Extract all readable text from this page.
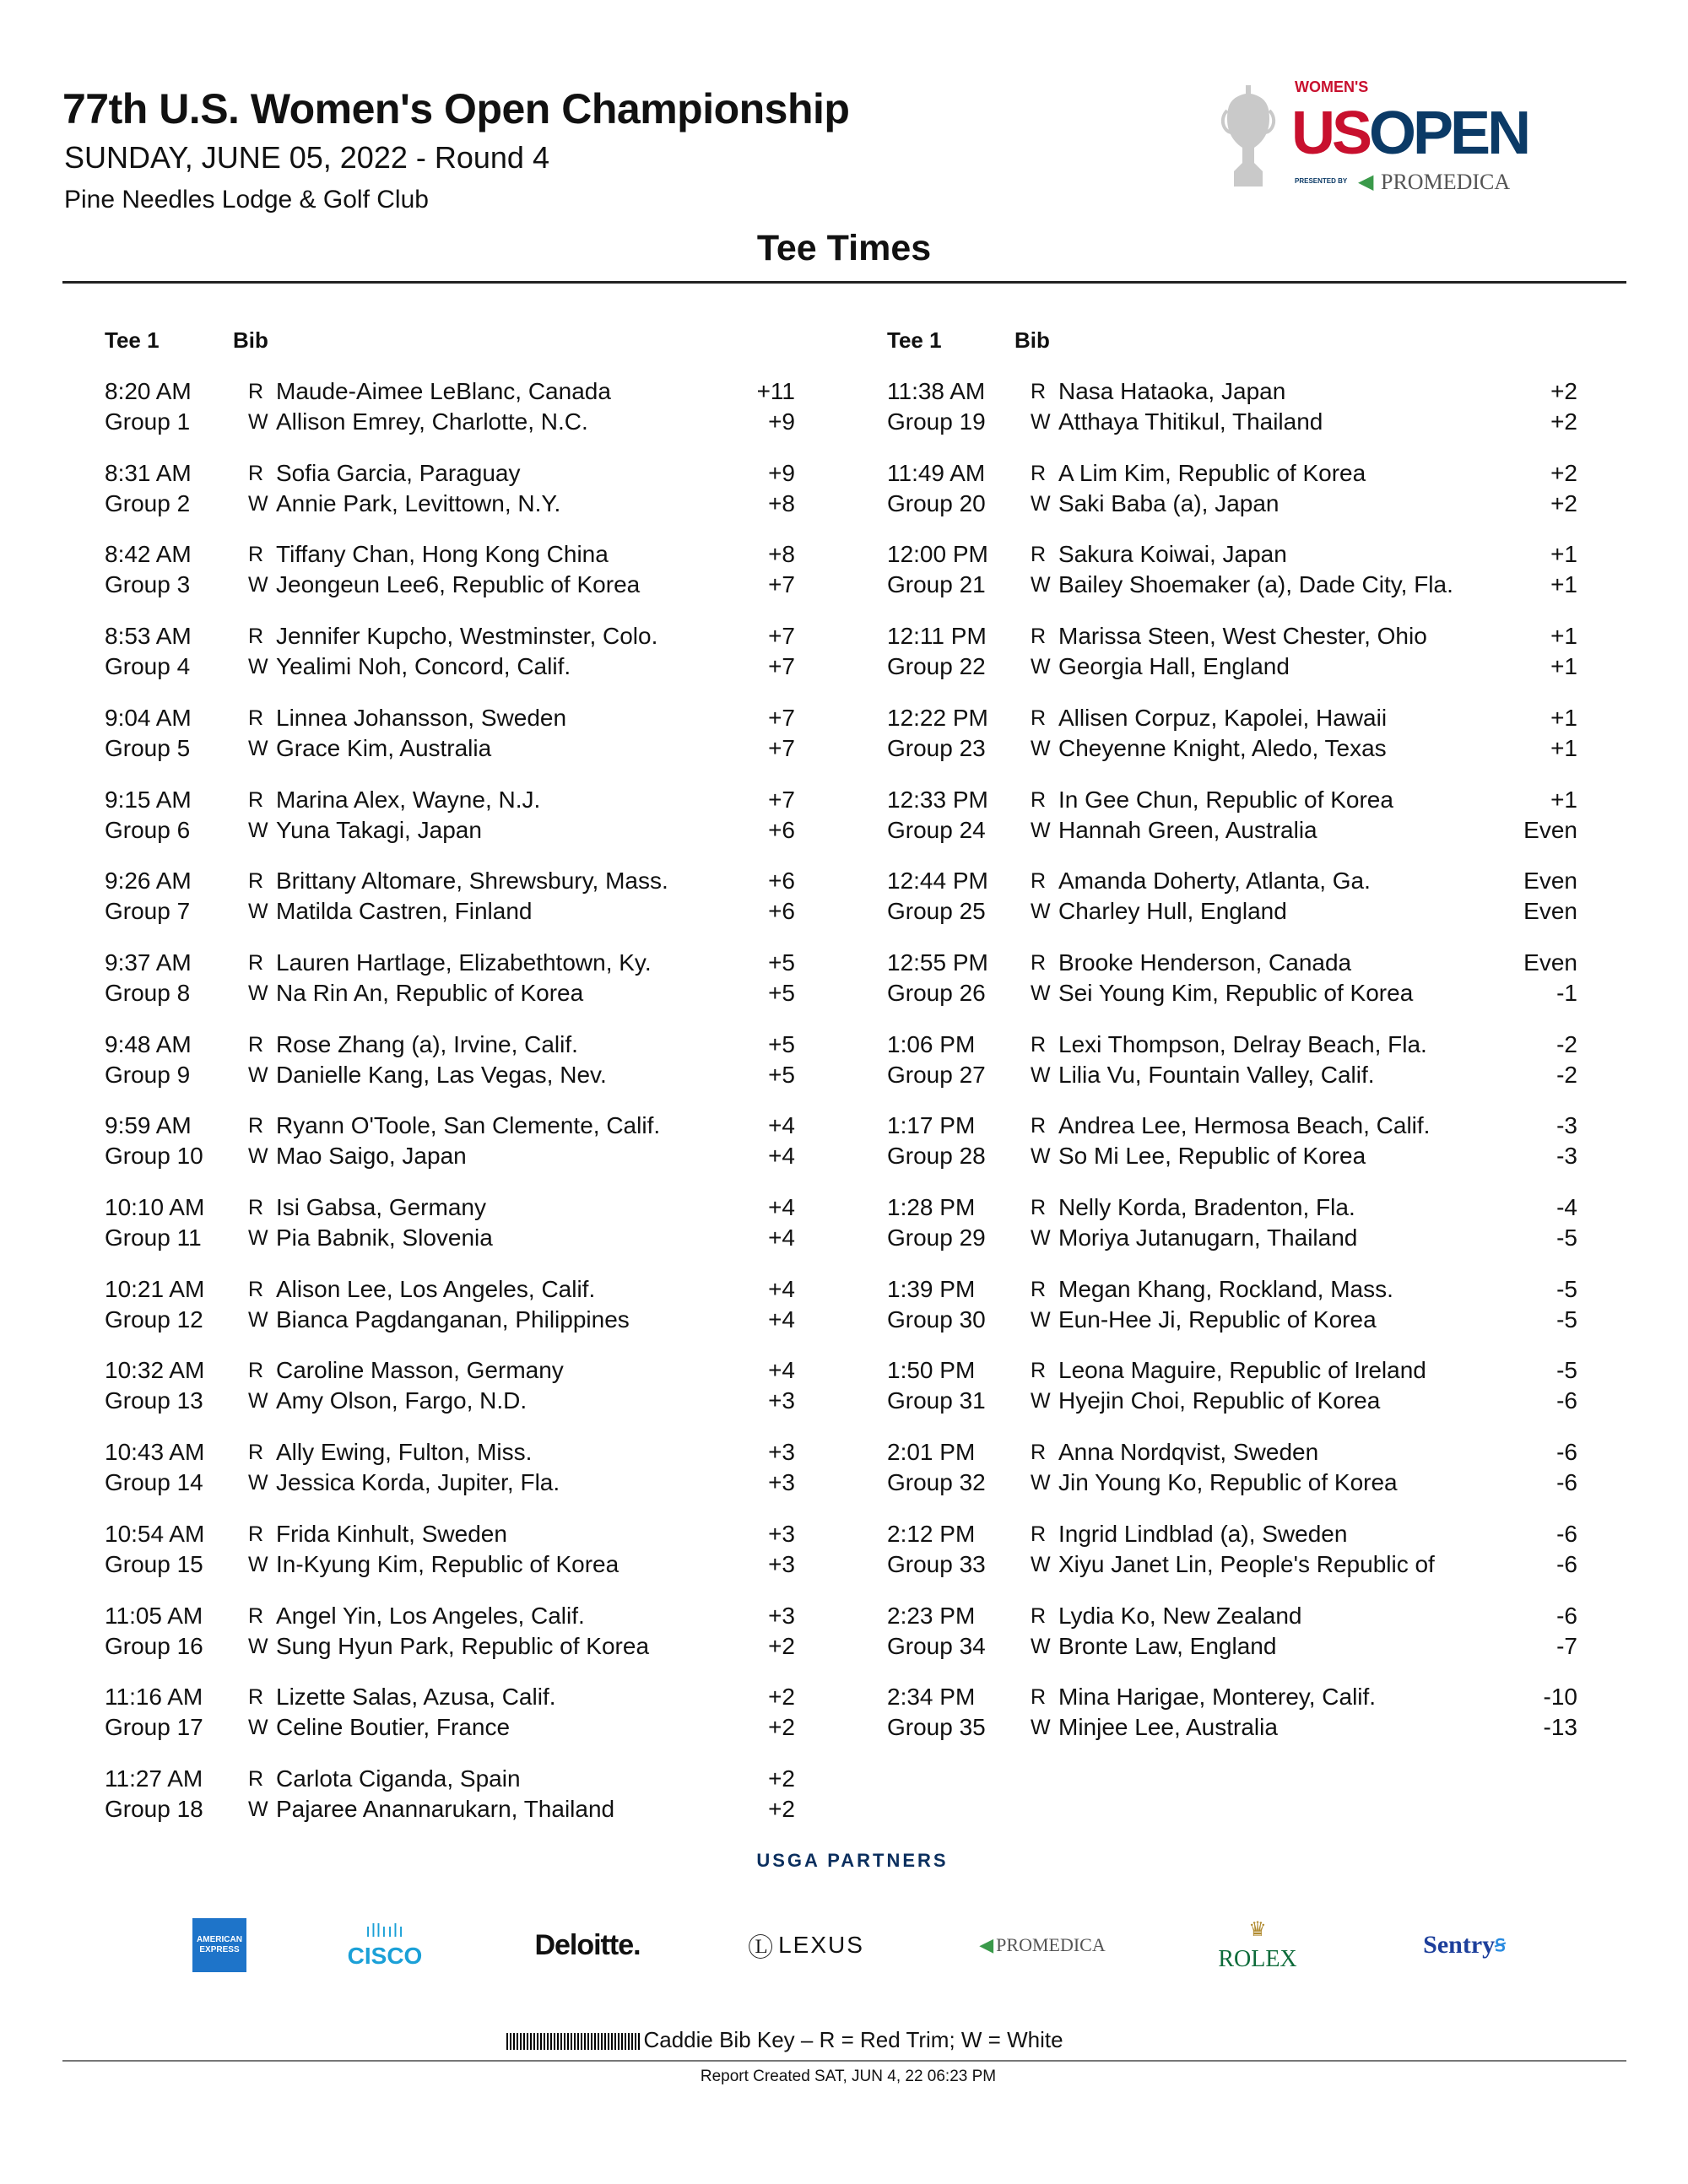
77th U.S. Women's Open Championship
SUNDAY, JUNE 05, 2022 - Round 4
Pine Needles Lodge & Golf Club
WOMEN'S
USOPEN
PRESENTED BY ◀ PROMEDICA
Tee Times
Tee 1	Bib	Tee 1	Bib
8:20 AM	R Maude-Aimee LeBlanc, Canada	+11
Group 1	W Allison Emrey, Charlotte, N.C.	+9
8:31 AM	R Sofia Garcia, Paraguay	+9
Group 2	W Annie Park, Levittown, N.Y.	+8
8:42 AM	R Tiffany Chan, Hong Kong China	+8
Group 3	W Jeongeun Lee6, Republic of Korea	+7
8:53 AM	R Jennifer Kupcho, Westminster, Colo.	+7
Group 4	W Yealimi Noh, Concord, Calif.	+7
9:04 AM	R Linnea Johansson, Sweden	+7
Group 5	W Grace Kim, Australia	+7
9:15 AM	R Marina Alex, Wayne, N.J.	+7
Group 6	W Yuna Takagi, Japan	+6
9:26 AM	R Brittany Altomare, Shrewsbury, Mass.	+6
Group 7	W Matilda Castren, Finland	+6
9:37 AM	R Lauren Hartlage, Elizabethtown, Ky.	+5
Group 8	W Na Rin An, Republic of Korea	+5
9:48 AM	R Rose Zhang (a), Irvine, Calif.	+5
Group 9	W Danielle Kang, Las Vegas, Nev.	+5
9:59 AM	R Ryann O'Toole, San Clemente, Calif.	+4
Group 10 W Mao Saigo, Japan	+4
10:10 AM R Isi Gabsa, Germany	+4
Group 11 W Pia Babnik, Slovenia	+4
10:21 AM R Alison Lee, Los Angeles, Calif.	+4
Group 12 W Bianca Pagdanganan, Philippines	+4
10:32 AM R Caroline Masson, Germany	+4
Group 13 W Amy Olson, Fargo, N.D.	+3
10:43 AM R Ally Ewing, Fulton, Miss.	+3
Group 14 W Jessica Korda, Jupiter, Fla.	+3
10:54 AM R Frida Kinhult, Sweden	+3
Group 15 W In-Kyung Kim, Republic of Korea	+3
11:05 AM R Angel Yin, Los Angeles, Calif.	+3
Group 16 W Sung Hyun Park, Republic of Korea	+2
11:16 AM R Lizette Salas, Azusa, Calif.	+2
Group 17 W Celine Boutier, France	+2
11:27 AM R Carlota Ciganda, Spain	+2
Group 18 W Pajaree Anannarukarn, Thailand	+2
11:38 AM R Nasa Hataoka, Japan	+2
Group 19 W Atthaya Thitikul, Thailand	+2
11:49 AM R A Lim Kim, Republic of Korea	+2
Group 20 W Saki Baba (a), Japan	+2
12:00 PM R Sakura Koiwai, Japan	+1
Group 21 W Bailey Shoemaker (a), Dade City, Fla.	+1
12:11 PM R Marissa Steen, West Chester, Ohio	+1
Group 22 W Georgia Hall, England	+1
12:22 PM R Allisen Corpuz, Kapolei, Hawaii	+1
Group 23 W Cheyenne Knight, Aledo, Texas	+1
12:33 PM R In Gee Chun, Republic of Korea	+1
Group 24 W Hannah Green, Australia	Even
12:44 PM R Amanda Doherty, Atlanta, Ga.	Even
Group 25 W Charley Hull, England	Even
12:55 PM R Brooke Henderson, Canada	Even
Group 26 W Sei Young Kim, Republic of Korea	-1
1:06 PM	R Lexi Thompson, Delray Beach, Fla.	-2
Group 27 W Lilia Vu, Fountain Valley, Calif.	-2
1:17 PM	R Andrea Lee, Hermosa Beach, Calif.	-3
Group 28 W So Mi Lee, Republic of Korea	-3
1:28 PM	R Nelly Korda, Bradenton, Fla.	-4
Group 29 W Moriya Jutanugarn, Thailand	-5
1:39 PM	R Megan Khang, Rockland, Mass.	-5
Group 30 W Eun-Hee Ji, Republic of Korea	-5
1:50 PM	R Leona Maguire, Republic of Ireland	-5
Group 31 W Hyejin Choi, Republic of Korea	-6
2:01 PM	R Anna Nordqvist, Sweden	-6
Group 32 W Jin Young Ko, Republic of Korea	-6
2:12 PM	R Ingrid Lindblad (a), Sweden	-6
Group 33 W Xiyu Janet Lin, People's Republic of	-6
2:23 PM	R Lydia Ko, New Zealand	-6
Group 34 W Bronte Law, England	-7
2:34 PM	R Mina Harigae, Monterey, Calif.	-10
Group 35 W Minjee Lee, Australia	-13
USGA PARTNERS
AMERICAN EXPRESS
ıllıılı
CISCO	Deloitte.	Ⓛ LEXUS	◀ PROMEDICA
♛
ROLEX
Sentry Ꞩ
Caddie Bib Key – R = Red Trim; W = White
Report Created SAT, JUN 4, 22 06:23 PM
